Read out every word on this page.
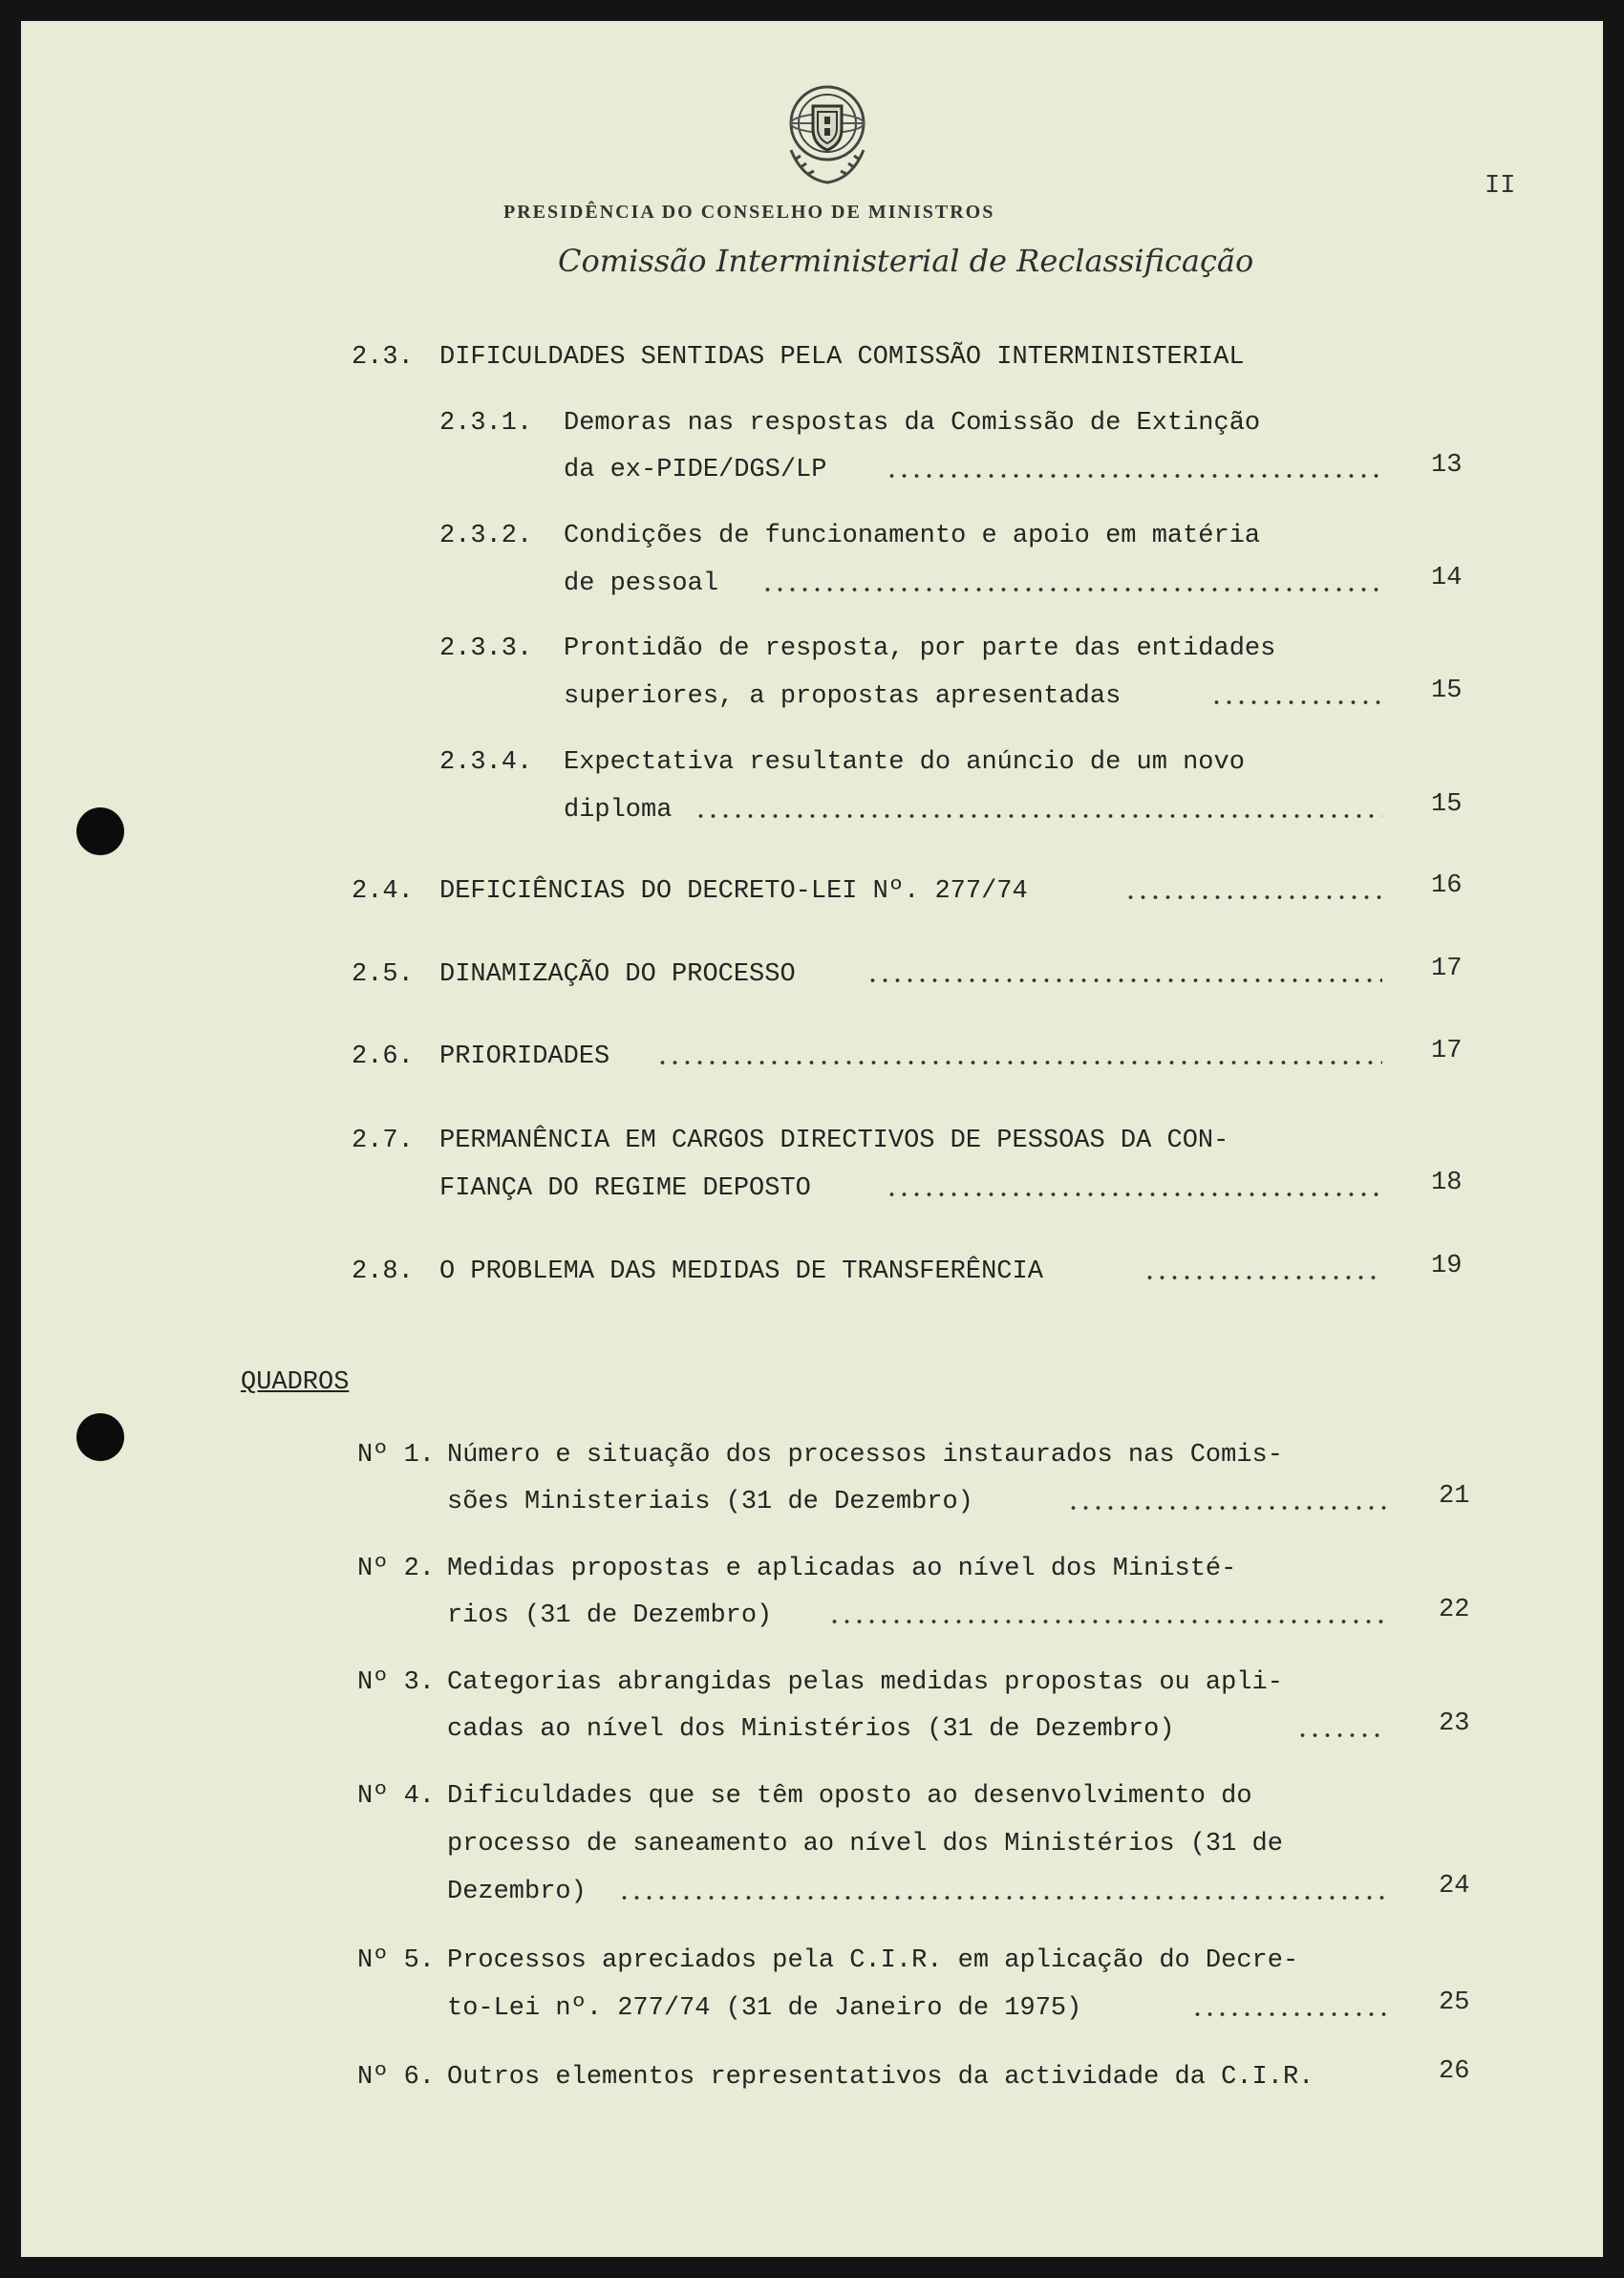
PRESIDÊNCIA DO CONSELHO DE MINISTROS
Comissão Interministerial de Reclassificação
II
2.3. DIFICULDADES SENTIDAS PELA COMISSÃO INTERMINISTERIAL
2.3.1. Demoras nas respostas da Comissão de Extinção
da ex-PIDE/DGS/LP	13
2.3.2. Condições de funcionamento e apoio em matéria
de pessoal	14
2.3.3. Prontidão de resposta, por parte das entidades
superiores, a propostas apresentadas	15
2.3.4. Expectativa resultante do anúncio de um novo
diploma	15
2.4. DEFICIÊNCIAS DO DECRETO-LEI Nº. 277/74	16
2.5. DINAMIZAÇÃO DO PROCESSO	17
2.6. PRIORIDADES	17
2.7. PERMANÊNCIA EM CARGOS DIRECTIVOS DE PESSOAS DA CON-
FIANÇA DO REGIME DEPOSTO	18
2.8. O PROBLEMA DAS MEDIDAS DE TRANSFERÊNCIA	19
QUADROS
Nº 1. Número e situação dos processos instaurados nas Comis-
sões Ministeriais (31 de Dezembro)	21
Nº 2. Medidas propostas e aplicadas ao nível dos Ministé-
rios (31 de Dezembro)	22
Nº 3. Categorias abrangidas pelas medidas propostas ou apli-
cadas ao nível dos Ministérios (31 de Dezembro)	23
Nº 4. Dificuldades que se têm oposto ao desenvolvimento do
processo de saneamento ao nível dos Ministérios (31 de
Dezembro)	24
Nº 5. Processos apreciados pela C.I.R. em aplicação do Decre-
to-Lei nº. 277/74 (31 de Janeiro de 1975)	25
Nº 6. Outros elementos representativos da actividade da C.I.R.	26
